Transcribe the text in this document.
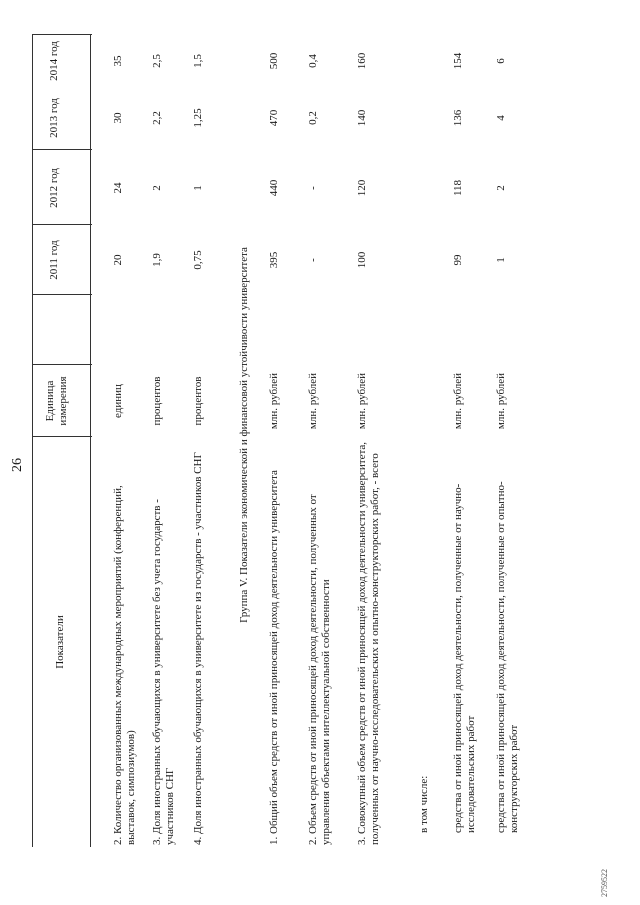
26
Показатели
Единица измерения
2011 год
2012 год
2013 год
2014 год
2. Количество организованных международных мероприятий (конференций, выставок, симпозиумов)
единиц
20
24
30
35
3. Доля иностранных обучающихся в университете без учета государств - участников СНГ
процентов
1,9
2
2,2
2,5
4. Доля иностранных обучающихся в университете из государств - участников СНГ
процентов
0,75
1
1,25
1,5
Группа V. Показатели экономической и финансовой устойчивости университета
1. Общий объем средств от иной приносящей доход деятельности университета
млн. рублей
395
440
470
500
2. Объем средств от иной приносящей доход деятельности, полученных от управления объектами интеллектуальной собственности
млн. рублей
-
-
0,2
0,4
3. Совокупный объем средств от иной приносящей доход деятельности университета, полученных от научно-исследовательских и опытно-конструкторских работ, - всего
млн. рублей
100
120
140
160
в том числе: средства от иной приносящей доход деятельности, полученные от научно-исследовательских работ
млн. рублей
99
118
136
154
средства от иной приносящей доход деятельности, полученные от опытно-конструкторских работ
млн. рублей
1
2
4
6
2759522
